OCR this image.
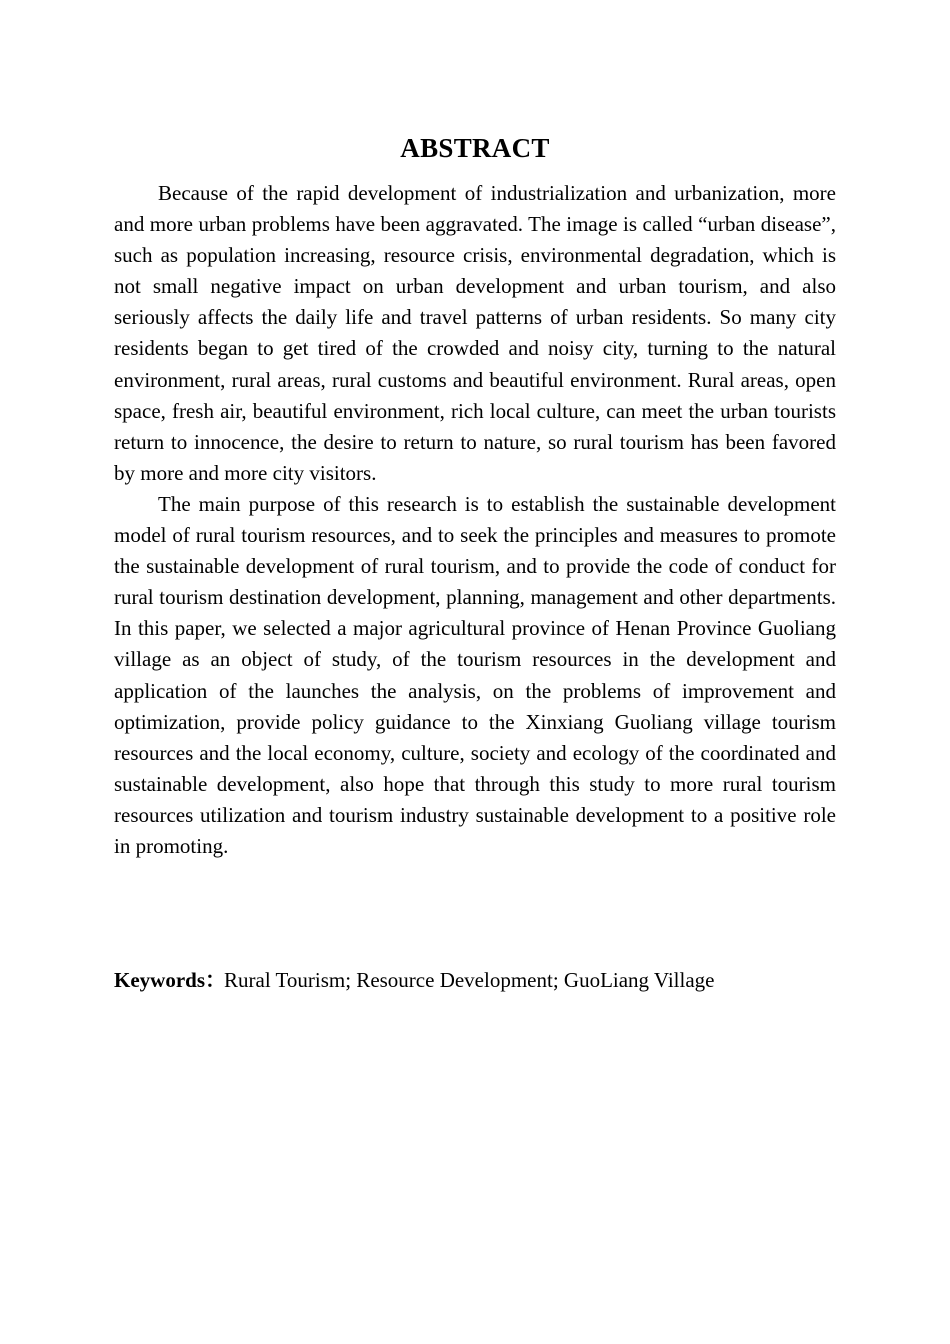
ABSTRACT

Because of the rapid development of industrialization and urbanization, more and more urban problems have been aggravated. The image is called “urban disease”, such as population increasing, resource crisis, environmental degradation, which is not small negative impact on urban development and urban tourism, and also seriously affects the daily life and travel patterns of urban residents. So many city residents began to get tired of the crowded and noisy city, turning to the natural environment, rural areas, rural customs and beautiful environment. Rural areas, open space, fresh air, beautiful environment, rich local culture, can meet the urban tourists return to innocence, the desire to return to nature, so rural tourism has been favored by more and more city visitors.

The main purpose of this research is to establish the sustainable development model of rural tourism resources, and to seek the principles and measures to promote the sustainable development of rural tourism, and to provide the code of conduct for rural tourism destination development, planning, management and other departments. In this paper, we selected a major agricultural province of Henan Province Guoliang village as an object of study, of the tourism resources in the development and application of the launches the analysis, on the problems of improvement and optimization, provide policy guidance to the Xinxiang Guoliang village tourism resources and the local economy, culture, society and ecology of the coordinated and sustainable development, also hope that through this study to more rural tourism resources utilization and tourism industry sustainable development to a positive role in promoting.

Keywords：Rural Tourism; Resource Development; GuoLiang Village
